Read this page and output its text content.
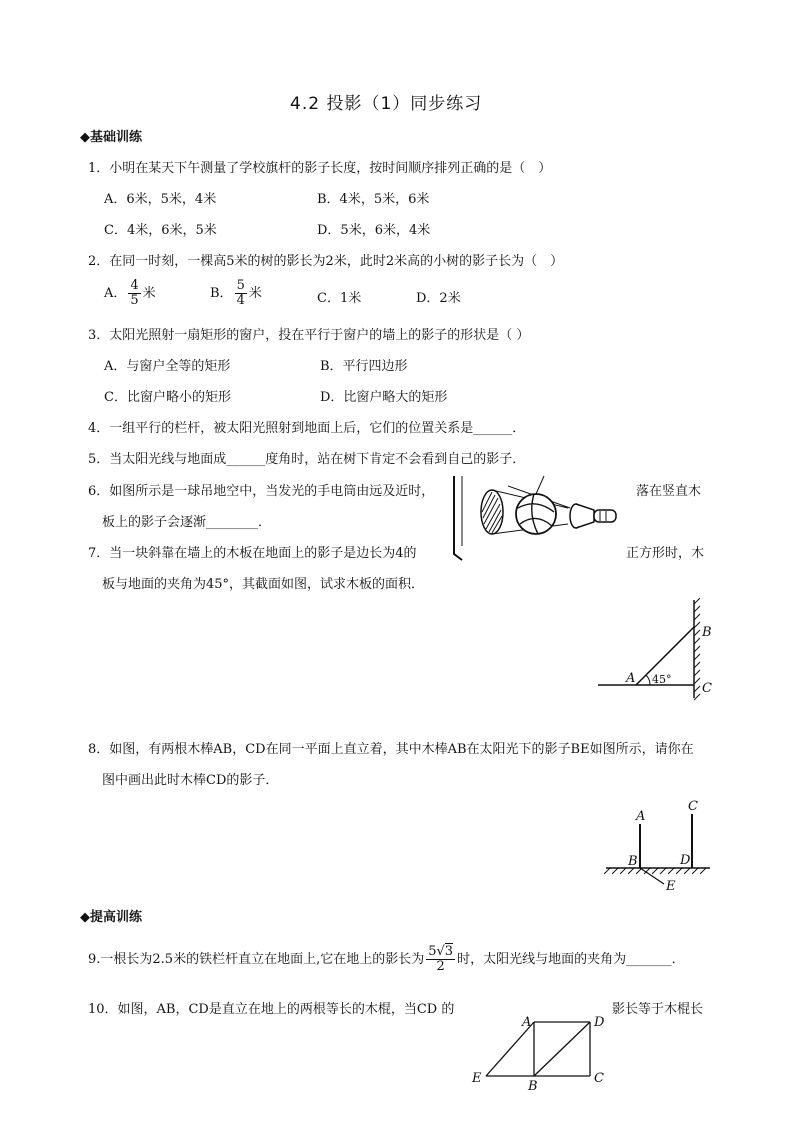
4.2 投影（1）同步练习
◆基础训练
1．小明在某天下午测量了学校旗杆的影子长度，按时间顺序排列正确的是（　）
A．6米，5米，4米	B．4米，5米，6米
C．4米，6米，5米	D．5米，6米，4米
2．在同一时刻，一棵高5米的树的影长为2米，此时2米高的小树的影子长为（　）
A． $\frac{4}{5}$ 米	B． $\frac{5}{4}$ 米	C．1米	D．2米
3．太阳光照射一扇矩形的窗户，投在平行于窗户的墙上的影子的形状是（ ）
A．与窗户全等的矩形	B．平行四边形
C．比窗户略小的矩形	D．比窗户略大的矩形
4．一组平行的栏杆，被太阳光照射到地面上后，它们的位置关系是______．
5．当太阳光线与地面成______度角时，站在树下肯定不会看到自己的影子．
6．如图所示是一球吊地空中，当发光的手电筒由远及近时，	落在竖直木
板上的影子会逐渐________．
7．当一块斜靠在墙上的木板在地面上的影子是边长为4的	正方形时，木
板与地面的夹角为45°，其截面如图，试求木板的面积．
A
B
C
45°
8．如图，有两根木棒AB，CD在同一平面上直立着，其中木棒AB在太阳光下的影子BE如图所示，请你在
图中画出此时木棒CD的影子．
A
B
C
D
E
◆提高训练
9.一根长为2.5米的铁栏杆直立在地面上,它在地上的影长为 $\frac{5√3}{2}$ 时，太阳光线与地面的夹角为_______．
10．如图，AB，CD是直立在地上的两根等长的木棍，当CD 的	影长等于木棍长
A
B
C
D
E
